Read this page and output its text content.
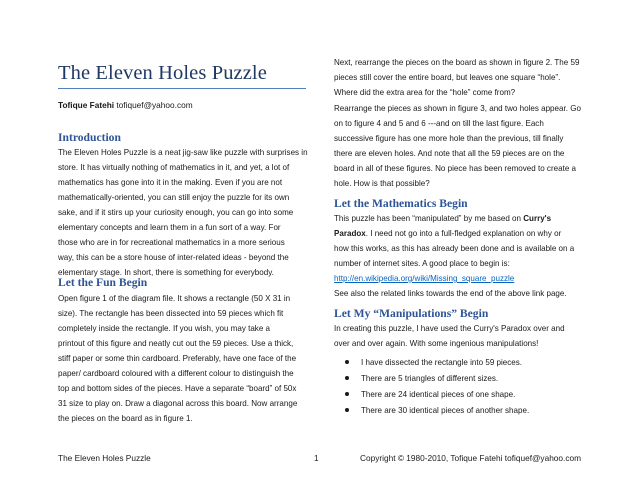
The Eleven Holes Puzzle
Tofique Fatehi tofiquef@yahoo.com
Introduction
The Eleven Holes Puzzle is a neat jig-saw like puzzle with surprises in
store. It has virtually nothing of mathematics in it, and yet, a lot of
mathematics has gone into it in the making. Even if you are not
mathematically-oriented, you can still enjoy the puzzle for its own
sake, and if it stirs up your curiosity enough, you can go into some
elementary concepts and learn them in a fun sort of a way. For
those who are in for recreational mathematics in a more serious
way, this can be a store house of inter-related ideas - beyond the
elementary stage. In short, there is something for everybody.
Let the Fun Begin
Open figure 1 of the diagram file. It shows a rectangle (50 X 31 in
size). The rectangle has been dissected into 59 pieces which fit
completely inside the rectangle. If you wish, you may take a
printout of this figure and neatly cut out the 59 pieces. Use a thick,
stiff paper or some thin cardboard. Preferably, have one face of the
paper/ cardboard coloured with a different colour to distinguish the
top and bottom sides of the pieces. Have a separate “board” of 50x
31 size to play on. Draw a diagonal across this board. Now arrange
the pieces on the board as in figure 1.
Next, rearrange the pieces on the board as shown in figure 2. The 59
pieces still cover the entire board, but leaves one square “hole”.
Where did the extra area for the “hole” come from?
Rearrange the pieces as shown in figure 3, and two holes appear. Go
on to figure 4 and 5 and 6 ---and on till the last figure. Each
successive figure has one more hole than the previous, till finally
there are eleven holes. And note that all the 59 pieces are on the
board in all of these figures. No piece has been removed to create a
hole. How is that possible?
Let the Mathematics Begin
This puzzle has been “manipulated” by me based on Curry's
Paradox. I need not go into a full-fledged explanation on why or
how this works, as this has already been done and is available on a
number of internet sites. A good place to begin is:
http://en.wikipedia.org/wiki/Missing_square_puzzle
See also the related links towards the end of the above link page.
Let My “Manipulations” Begin
In creating this puzzle, I have used the Curry's Paradox over and
over and over again. With some ingenious manipulations!
I have dissected the rectangle into 59 pieces.
There are 5 triangles of different sizes.
There are 24 identical pieces of one shape.
There are 30 identical pieces of another shape.
The Eleven Holes Puzzle	1	Copyright © 1980-2010, Tofique Fatehi tofiquef@yahoo.com
